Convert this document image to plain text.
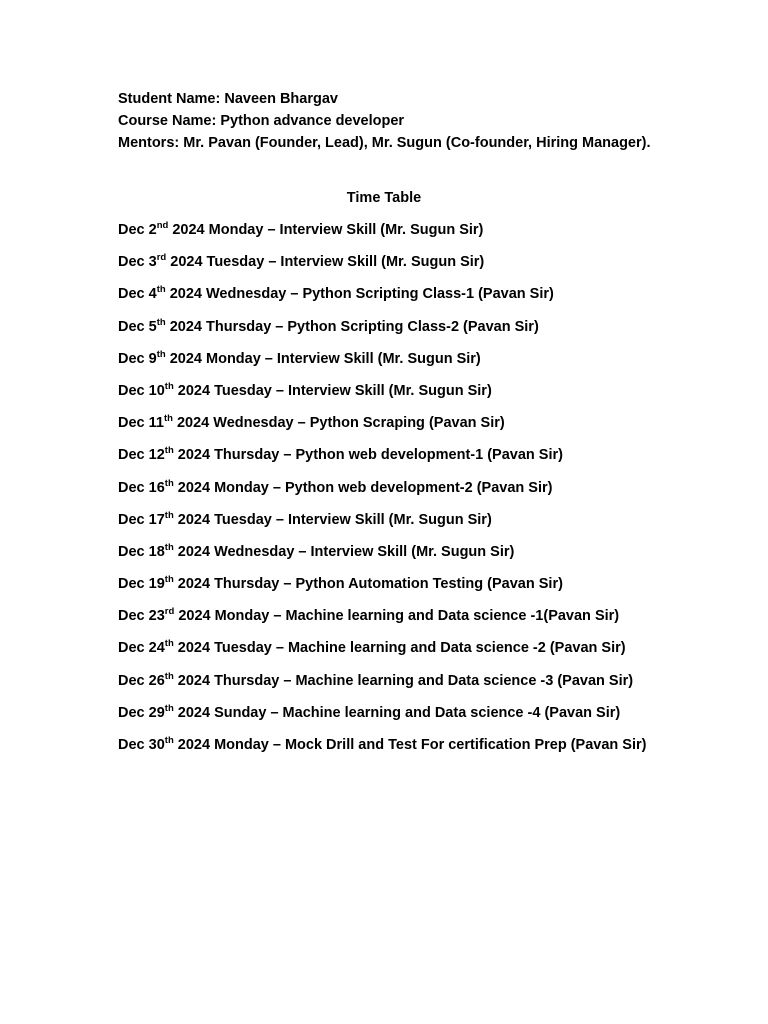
Student Name: Naveen Bhargav
Course Name: Python advance developer
Mentors: Mr. Pavan (Founder, Lead), Mr. Sugun (Co-founder, Hiring Manager).
Time Table
Dec 2nd 2024 Monday – Interview Skill (Mr. Sugun Sir)
Dec 3rd 2024 Tuesday – Interview Skill (Mr. Sugun Sir)
Dec 4th 2024 Wednesday – Python Scripting Class-1 (Pavan Sir)
Dec 5th 2024 Thursday – Python Scripting Class-2 (Pavan Sir)
Dec 9th 2024 Monday – Interview Skill (Mr. Sugun Sir)
Dec 10th 2024 Tuesday – Interview Skill (Mr. Sugun Sir)
Dec 11th 2024 Wednesday – Python Scraping (Pavan Sir)
Dec 12th 2024 Thursday – Python web development-1 (Pavan Sir)
Dec 16th 2024 Monday – Python web development-2 (Pavan Sir)
Dec 17th 2024 Tuesday – Interview Skill (Mr. Sugun Sir)
Dec 18th 2024 Wednesday – Interview Skill (Mr. Sugun Sir)
Dec 19th 2024 Thursday – Python Automation Testing (Pavan Sir)
Dec 23rd 2024 Monday – Machine learning and Data science -1(Pavan Sir)
Dec 24th 2024 Tuesday – Machine learning and Data science -2 (Pavan Sir)
Dec 26th 2024 Thursday – Machine learning and Data science -3 (Pavan Sir)
Dec 29th 2024 Sunday – Machine learning and Data science -4 (Pavan Sir)
Dec 30th 2024 Monday – Mock Drill and Test For certification Prep (Pavan Sir)
